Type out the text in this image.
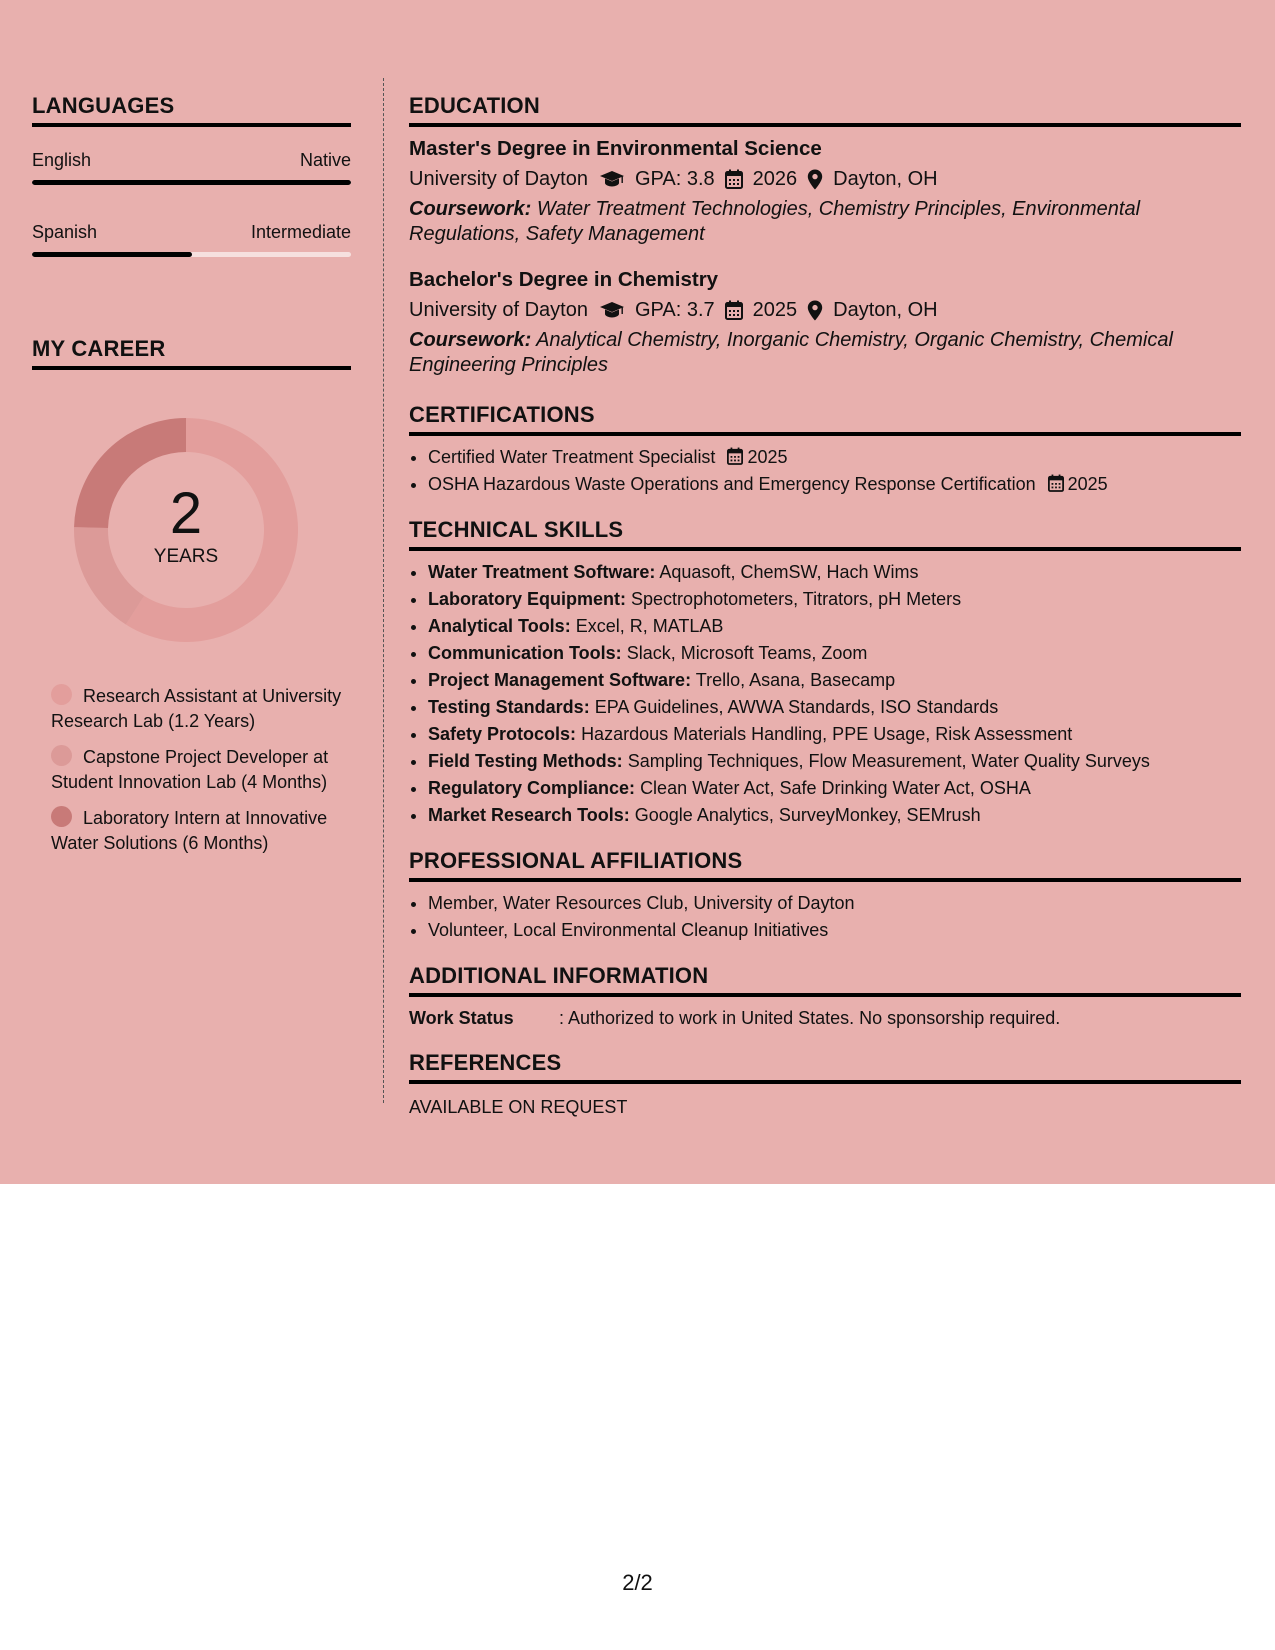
LANGUAGES
English	Native
Spanish	Intermediate
MY CAREER
2
YEARS
Research Assistant at University Research Lab (1.2 Years)
Capstone Project Developer at Student Innovation Lab (4 Months)
Laboratory Intern at Innovative Water Solutions (6 Months)
EDUCATION
Master's Degree in Environmental Science
University of Dayton GPA: 3.8 2026 Dayton, OH
Coursework: Water Treatment Technologies, Chemistry Principles, Environmental Regulations, Safety Management
Bachelor's Degree in Chemistry
University of Dayton GPA: 3.7 2025 Dayton, OH
Coursework: Analytical Chemistry, Inorganic Chemistry, Organic Chemistry, Chemical Engineering Principles
CERTIFICATIONS
• Certified Water Treatment Specialist 2025
• OSHA Hazardous Waste Operations and Emergency Response Certification 2025
TECHNICAL SKILLS
• Water Treatment Software: Aquasoft, ChemSW, Hach Wims
• Laboratory Equipment: Spectrophotometers, Titrators, pH Meters
• Analytical Tools: Excel, R, MATLAB
• Communication Tools: Slack, Microsoft Teams, Zoom
• Project Management Software: Trello, Asana, Basecamp
• Testing Standards: EPA Guidelines, AWWA Standards, ISO Standards
• Safety Protocols: Hazardous Materials Handling, PPE Usage, Risk Assessment
• Field Testing Methods: Sampling Techniques, Flow Measurement, Water Quality Surveys
• Regulatory Compliance: Clean Water Act, Safe Drinking Water Act, OSHA
• Market Research Tools: Google Analytics, SurveyMonkey, SEMrush
PROFESSIONAL AFFILIATIONS
• Member, Water Resources Club, University of Dayton
• Volunteer, Local Environmental Cleanup Initiatives
ADDITIONAL INFORMATION
Work Status	: Authorized to work in United States. No sponsorship required.
REFERENCES
AVAILABLE ON REQUEST
2/2
